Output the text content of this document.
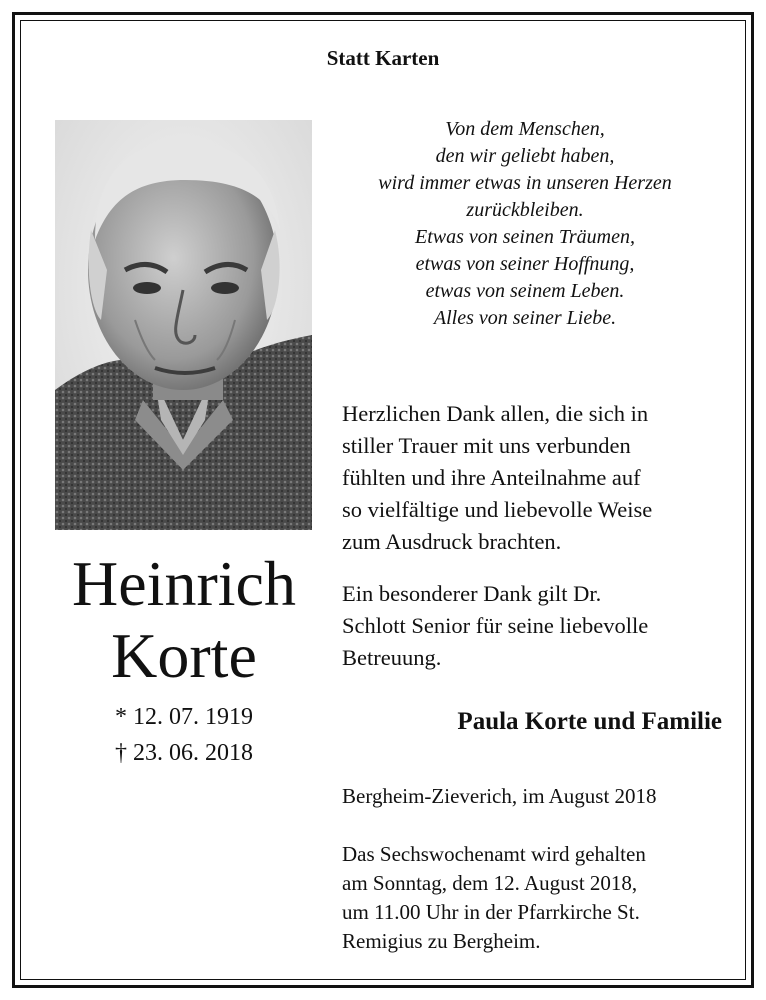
Statt Karten
Heinrich
Korte
* 12. 07. 1919
† 23. 06. 2018
Von dem Menschen,
den wir geliebt haben,
wird immer etwas in unseren Herzen
zurückbleiben.
Etwas von seinen Träumen,
etwas von seiner Hoffnung,
etwas von seinem Leben.
Alles von seiner Liebe.
Herzlichen Dank allen, die sich in
stiller Trauer mit uns verbunden
fühlten und ihre Anteilnahme auf
so vielfältige und liebevolle Weise
zum Ausdruck brachten.
Ein besonderer Dank gilt Dr.
Schlott Senior für seine liebevolle
Betreuung.
Paula Korte und Familie
Bergheim-Zieverich, im August 2018
Das Sechswochenamt wird gehalten
am Sonntag, dem 12. August 2018,
um 11.00 Uhr in der Pfarrkirche St.
Remigius zu Bergheim.
